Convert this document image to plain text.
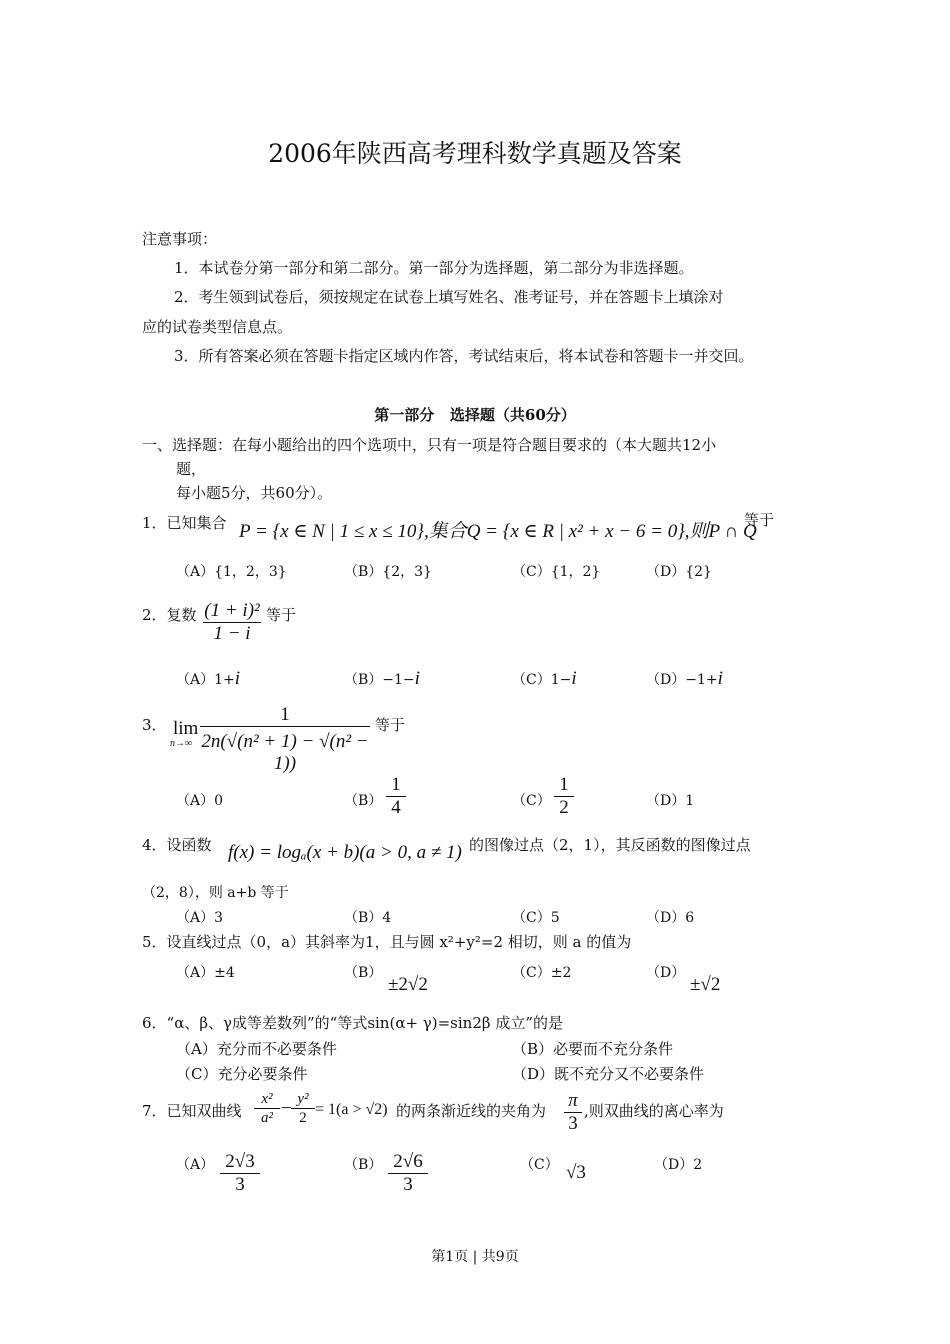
2006年陕西高考理科数学真题及答案
注意事项：
1．本试卷分第一部分和第二部分。第一部分为选择题，第二部分为非选择题。
2．考生领到试卷后，须按规定在试卷上填写姓名、准考证号，并在答题卡上填涂对
应的试卷类型信息点。
3．所有答案必须在答题卡指定区域内作答，考试结束后，将本试卷和答题卡一并交回。
第一部分   选择题（共60分）
一、选择题：在每小题给出的四个选项中，只有一项是符合题目要求的（本大题共12小
题，
每小题5分，共60分）。
1．已知集合 P = {x ∈ N | 1 ≤ x ≤ 10},集合Q = {x ∈ R | x² + x − 6 = 0},则P ∩ Q
等于
（A）{1，2，3}	（B）{2，3}	（C）{1，2}	（D）{2}
2．复数 $\frac{\text{(1 + i)²}}{1 - i}$ 等于
（A）1+i	（B）−1−i	（C）1−i	（D）−1+i
3． lim
$n\to\infty \frac{1}{\text{2n(√(n² + 1) − √(n² − 1))}}$ 等于
（A）0	$(B) \frac{1}{4}$	$(C) \frac{1}{2}$	（D）1
4．设函数 f(x) = logₐ(x + b)(a > 0, a ≠ 1) 的图像过点（2，1），其反函数的图像过点
（2，8），则 a+b 等于
（A）3	（B）4	（C）5	（D）6
5．设直线过点（0，a）其斜率为1，且与圆 x²+y²=2 相切，则 a 的值为
（A）±4	（B）
±2√2
（C）±2	（D）
±√2
6．“α、β、γ成等差数列”的“等式sin(α+ γ)=sin2β 成立”的是
（A）充分而不必要条件	（B）必要而不充分条件
（C）充分必要条件	（D）既不充分又不必要条件
7．已知双曲线 $\frac{\text{x²}}{\text{a²}} - \frac{\text{y²}}{2} = 1(a > √2)$ 的两条渐近线的夹角为 $\frac{\pi}{3}$ ,则双曲线的离心率为
$(A) \frac{2√3}{3}$	$(B) \frac{2√6}{3}$	（C） √3	（D）2
第1页 | 共9页
